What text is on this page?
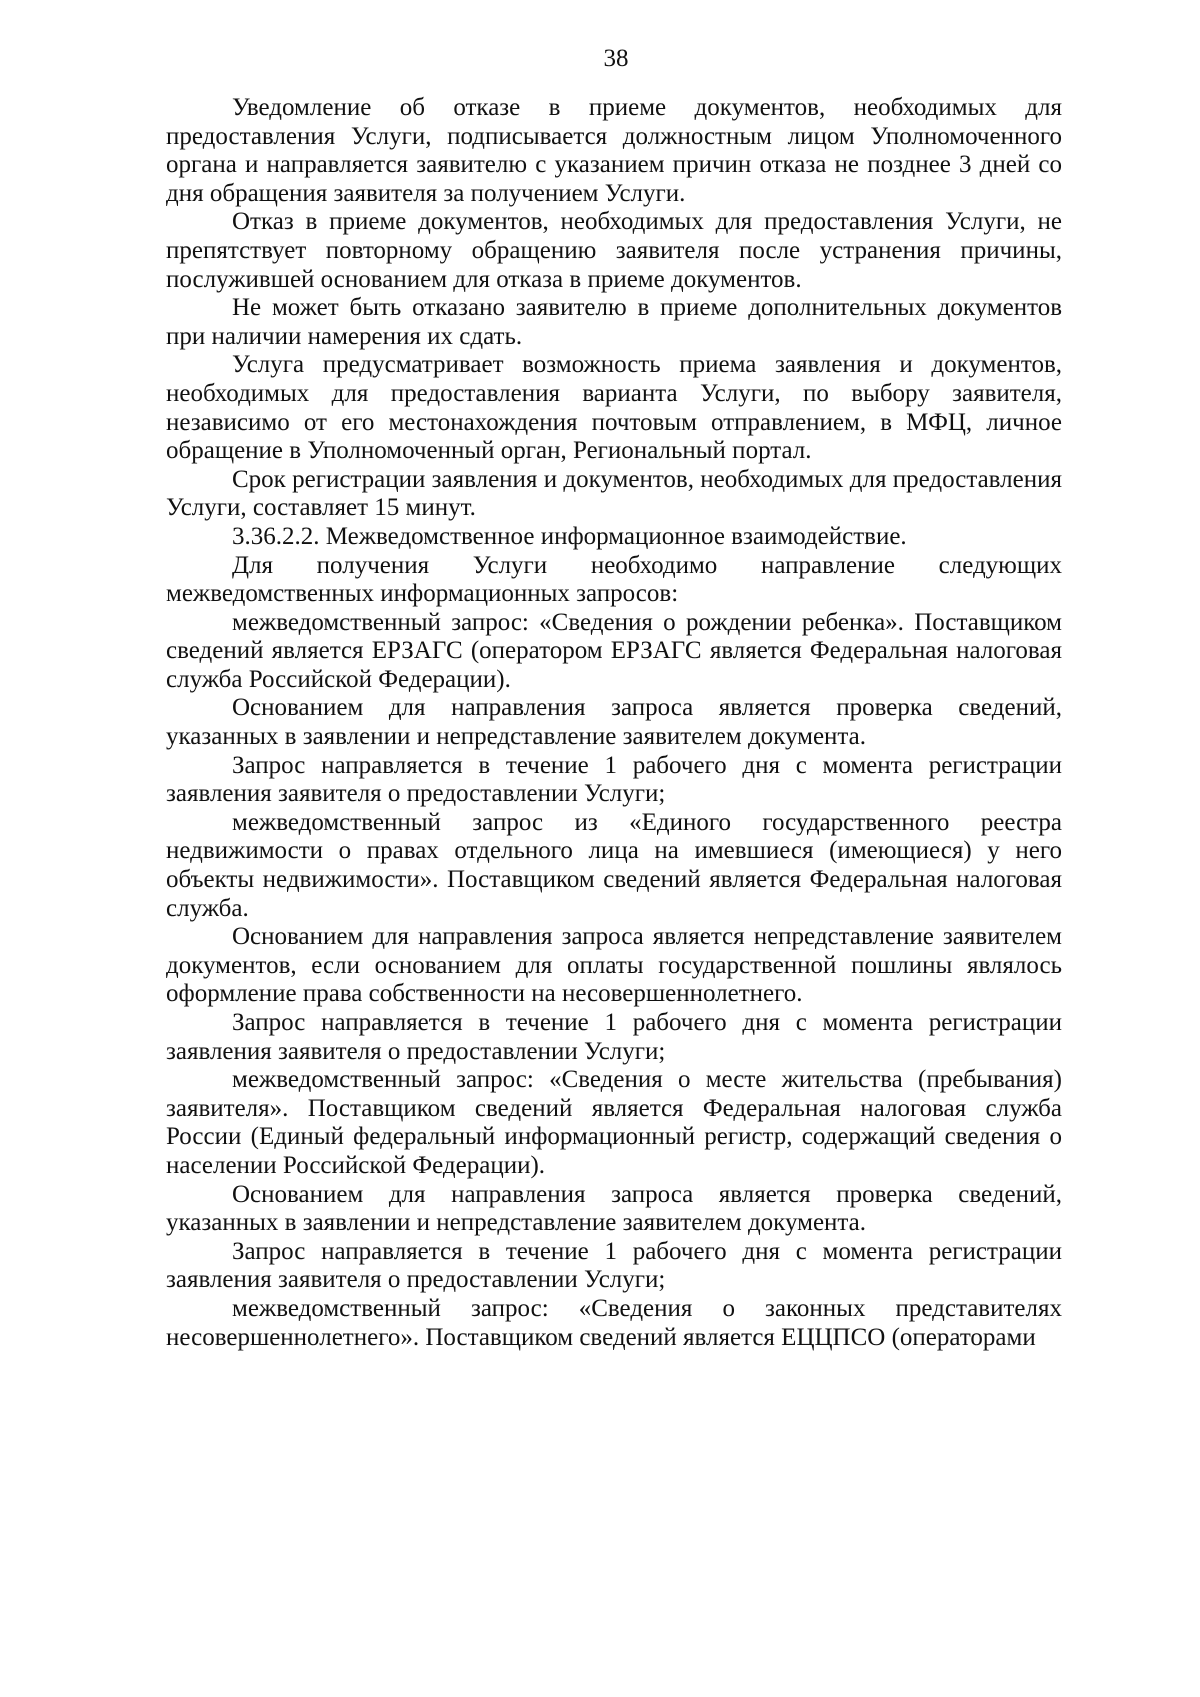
38

Уведомление об отказе в приеме документов, необходимых для предоставления Услуги, подписывается должностным лицом Уполномоченного органа и направляется заявителю с указанием причин отказа не позднее 3 дней со дня обращения заявителя за получением Услуги.

Отказ в приеме документов, необходимых для предоставления Услуги, не препятствует повторному обращению заявителя после устранения причины, послужившей основанием для отказа в приеме документов.

Не может быть отказано заявителю в приеме дополнительных документов при наличии намерения их сдать.

Услуга предусматривает возможность приема заявления и документов, необходимых для предоставления варианта Услуги, по выбору заявителя, независимо от его местонахождения почтовым отправлением, в МФЦ, личное обращение в Уполномоченный орган, Региональный портал.

Срок регистрации заявления и документов, необходимых для предоставления Услуги, составляет 15 минут.

3.36.2.2. Межведомственное информационное взаимодействие.

Для получения Услуги необходимо направление следующих межведомственных информационных запросов:

межведомственный запрос: «Сведения о рождении ребенка». Поставщиком сведений является ЕРЗАГС (оператором ЕРЗАГС является Федеральная налоговая служба Российской Федерации).

Основанием для направления запроса является проверка сведений, указанных в заявлении и непредставление заявителем документа.

Запрос направляется в течение 1 рабочего дня с момента регистрации заявления заявителя о предоставлении Услуги;

межведомственный запрос из «Единого государственного реестра недвижимости о правах отдельного лица на имевшиеся (имеющиеся) у него объекты недвижимости». Поставщиком сведений является Федеральная налоговая служба.

Основанием для направления запроса является непредставление заявителем документов, если основанием для оплаты государственной пошлины являлось оформление права собственности на несовершеннолетнего.

Запрос направляется в течение 1 рабочего дня с момента регистрации заявления заявителя о предоставлении Услуги;

межведомственный запрос: «Сведения о месте жительства (пребывания) заявителя». Поставщиком сведений является Федеральная налоговая служба России (Единый федеральный информационный регистр, содержащий сведения о населении Российской Федерации).

Основанием для направления запроса является проверка сведений, указанных в заявлении и непредставление заявителем документа.

Запрос направляется в течение 1 рабочего дня с момента регистрации заявления заявителя о предоставлении Услуги;

межведомственный запрос: «Сведения о законных представителях несовершеннолетнего». Поставщиком сведений является ЕЦЦПСО (операторами
